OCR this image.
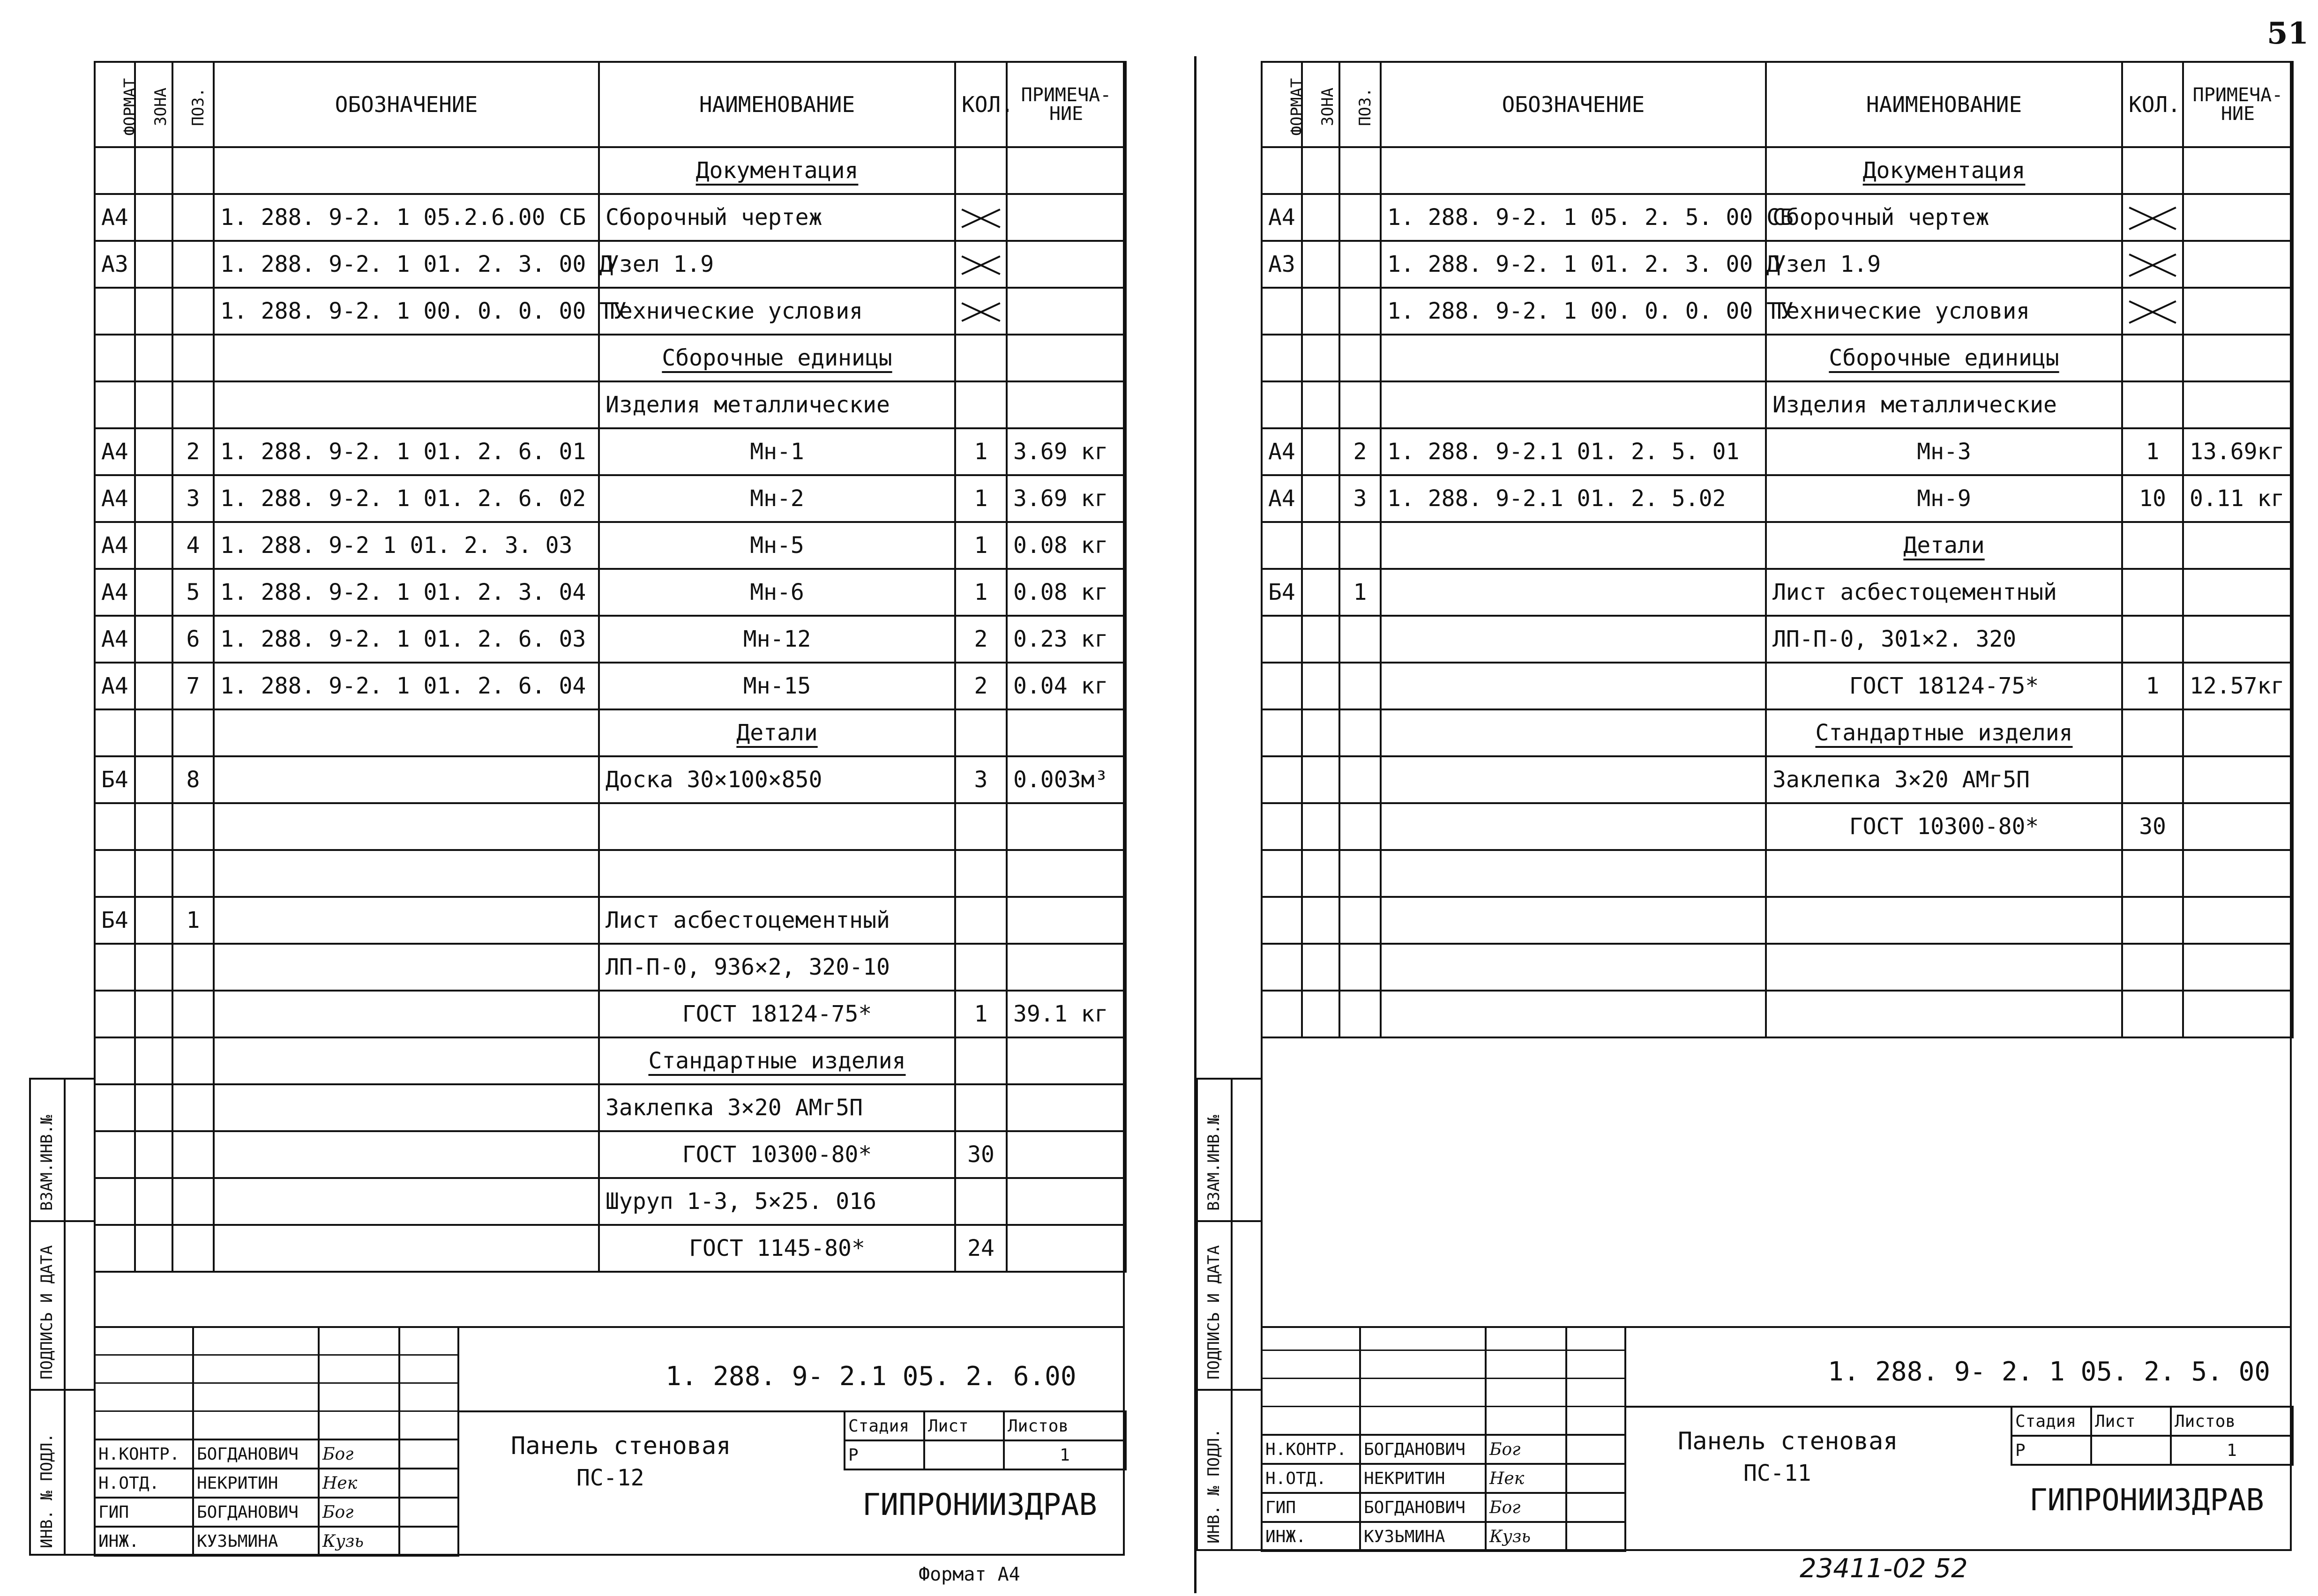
51
Формат А4	23411-02 52
ВЗАМ.ИНВ.№
ПОДПИСЬ И ДАТА
ИНВ. № ПОДЛ.
ФОРМАТ	ЗОНА	ПОЗ.	ОБОЗНАЧЕНИЕ	НАИМЕНОВАНИЕ	КОЛ.	ПРИМЕЧА-НИЕ
				Документация		
А4			1. 288. 9-2. 1 05.2.6.00 СБ	Сборочный чертеж		
А3			1. 288. 9-2. 1 01. 2. 3. 00 Д	Узел 1.9		
			1. 288. 9-2. 1 00. 0. 0. 00 ТУ	Технические условия		
				Сборочные единицы		
				Изделия металлические		
А4		2	1. 288. 9-2. 1 01. 2. 6. 01	Мн-1	1	3.69 кг
А4		3	1. 288. 9-2. 1 01. 2. 6. 02	Мн-2	1	3.69 кг
А4		4	1. 288. 9-2 1 01. 2. 3. 03	Мн-5	1	0.08 кг
А4		5	1. 288. 9-2. 1 01. 2. 3. 04	Мн-6	1	0.08 кг
А4		6	1. 288. 9-2. 1 01. 2. 6. 03	Мн-12	2	0.23 кг
А4		7	1. 288. 9-2. 1 01. 2. 6. 04	Мн-15	2	0.04 кг
				Детали		
Б4		8		Доска 30×100×850	3	0.003м³

Б4		1		Лист асбестоцементный		
				ЛП-П-0, 936×2, 320-10		
				ГОСТ 18124-75*	1	39.1 кг
				Стандартные изделия		
				Заклепка 3×20 АМг5П		
				ГОСТ 10300-80*	30	
				Шуруп 1-3, 5×25. 016		
				ГОСТ 1145-80*	24	
1. 288. 9- 2.1 05. 2. 6.00
Панель стеновая
ПС-12
Стадия	Лист	Листов
Р		1
ГИПРОНИИЗДРАВ
Н.КОНТР.	БОГДАНОВИЧ	Бог	
Н.ОТД.	НЕКРИТИН	Нек	
ГИП	БОГДАНОВИЧ	Бог	
ИНЖ.	КУЗЬМИНА	Кузь	
ВЗАМ.ИНВ.№
ПОДПИСЬ И ДАТА
ИНВ. № ПОДЛ.
ФОРМАТ	ЗОНА	ПОЗ.	ОБОЗНАЧЕНИЕ	НАИМЕНОВАНИЕ	КОЛ.	ПРИМЕЧА-НИЕ
				Документация		
А4			1. 288. 9-2. 1 05. 2. 5. 00 СБ	Сборочный чертеж		
А3			1. 288. 9-2. 1 01. 2. 3. 00 Д	Узел 1.9		
			1. 288. 9-2. 1 00. 0. 0. 00 ТУ	Технические условия		
				Сборочные единицы		
				Изделия металлические		
А4		2	1. 288. 9-2.1 01. 2. 5. 01	Мн-3	1	13.69кг
А4		3	1. 288. 9-2.1 01. 2. 5.02	Мн-9	10	0.11 кг
				Детали		
Б4		1		Лист асбестоцементный		
				ЛП-П-0, 301×2. 320		
				ГОСТ 18124-75*	1	12.57кг
				Стандартные изделия		
				Заклепка 3×20 АМг5П		
				ГОСТ 10300-80*	30	

1. 288. 9- 2. 1 05. 2. 5. 00
Панель стеновая
ПС-11
Стадия	Лист	Листов
Р		1
ГИПРОНИИЗДРАВ
Н.КОНТР.	БОГДАНОВИЧ	Бог	
Н.ОТД.	НЕКРИТИН	Нек	
ГИП	БОГДАНОВИЧ	Бог	
ИНЖ.	КУЗЬМИНА	Кузь	
